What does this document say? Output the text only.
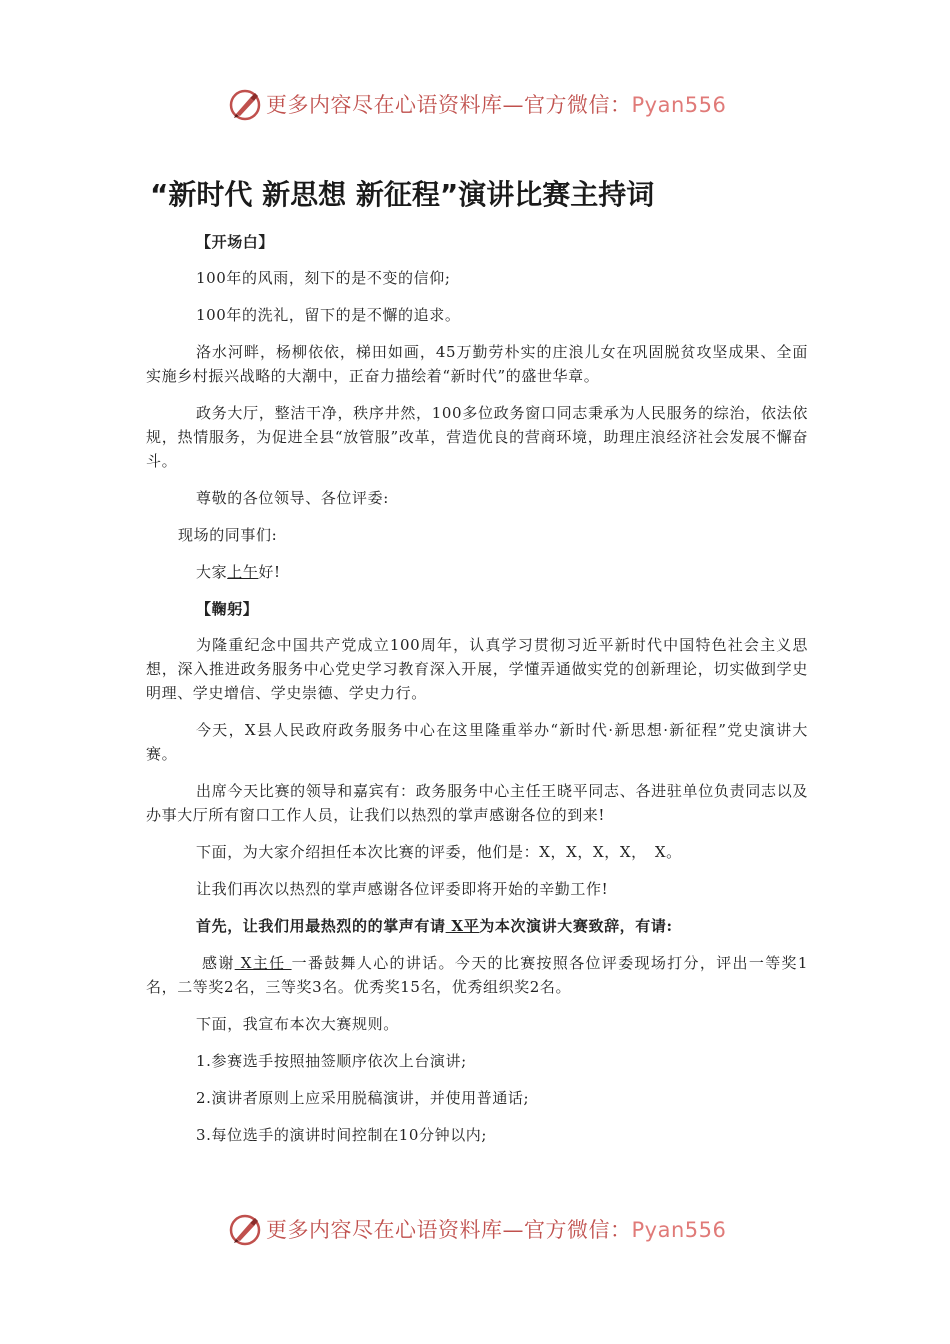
更多内容尽在心语资料库—官方微信：Pyan556
“新时代 新思想 新征程”演讲比赛主持词

【开场白】

100年的风雨，刻下的是不变的信仰;

100年的洗礼，留下的是不懈的追求。

洛水河畔，杨柳依依，梯田如画，45万勤劳朴实的庄浪儿女在巩固脱贫攻坚成果、全面实施乡村振兴战略的大潮中，正奋力描绘着“新时代”的盛世华章。

政务大厅，整洁干净，秩序井然，100多位政务窗口同志秉承为人民服务的综治，依法依规，热情服务，为促进全县“放管服”改革，营造优良的营商环境，助理庄浪经济社会发展不懈奋斗。

尊敬的各位领导、各位评委:

现场的同事们:

大家上午好!

【鞠躬】

为隆重纪念中国共产党成立100周年，认真学习贯彻习近平新时代中国特色社会主义思想，深入推进政务服务中心党史学习教育深入开展，学懂弄通做实党的创新理论，切实做到学史明理、学史增信、学史崇德、学史力行。

今天，X县人民政府政务服务中心在这里隆重举办“新时代·新思想·新征程”党史演讲大赛。

出席今天比赛的领导和嘉宾有：政务服务中心主任王晓平同志、各进驻单位负责同志以及办事大厅所有窗口工作人员，让我们以热烈的掌声感谢各位的到来!

下面，为大家介绍担任本次比赛的评委，他们是：X，X，X，X，　X。

让我们再次以热烈的掌声感谢各位评委即将开始的辛勤工作!

首先，让我们用最热烈的的掌声有请 X平为本次演讲大赛致辞，有请:

感谢 X主任 一番鼓舞人心的讲话。今天的比赛按照各位评委现场打分，评出一等奖1名，二等奖2名，三等奖3名。优秀奖15名，优秀组织奖2名。

下面，我宣布本次大赛规则。

1.参赛选手按照抽签顺序依次上台演讲;

2.演讲者原则上应采用脱稿演讲，并使用普通话;

3.每位选手的演讲时间控制在10分钟以内;

更多内容尽在心语资料库—官方微信：Pyan556
